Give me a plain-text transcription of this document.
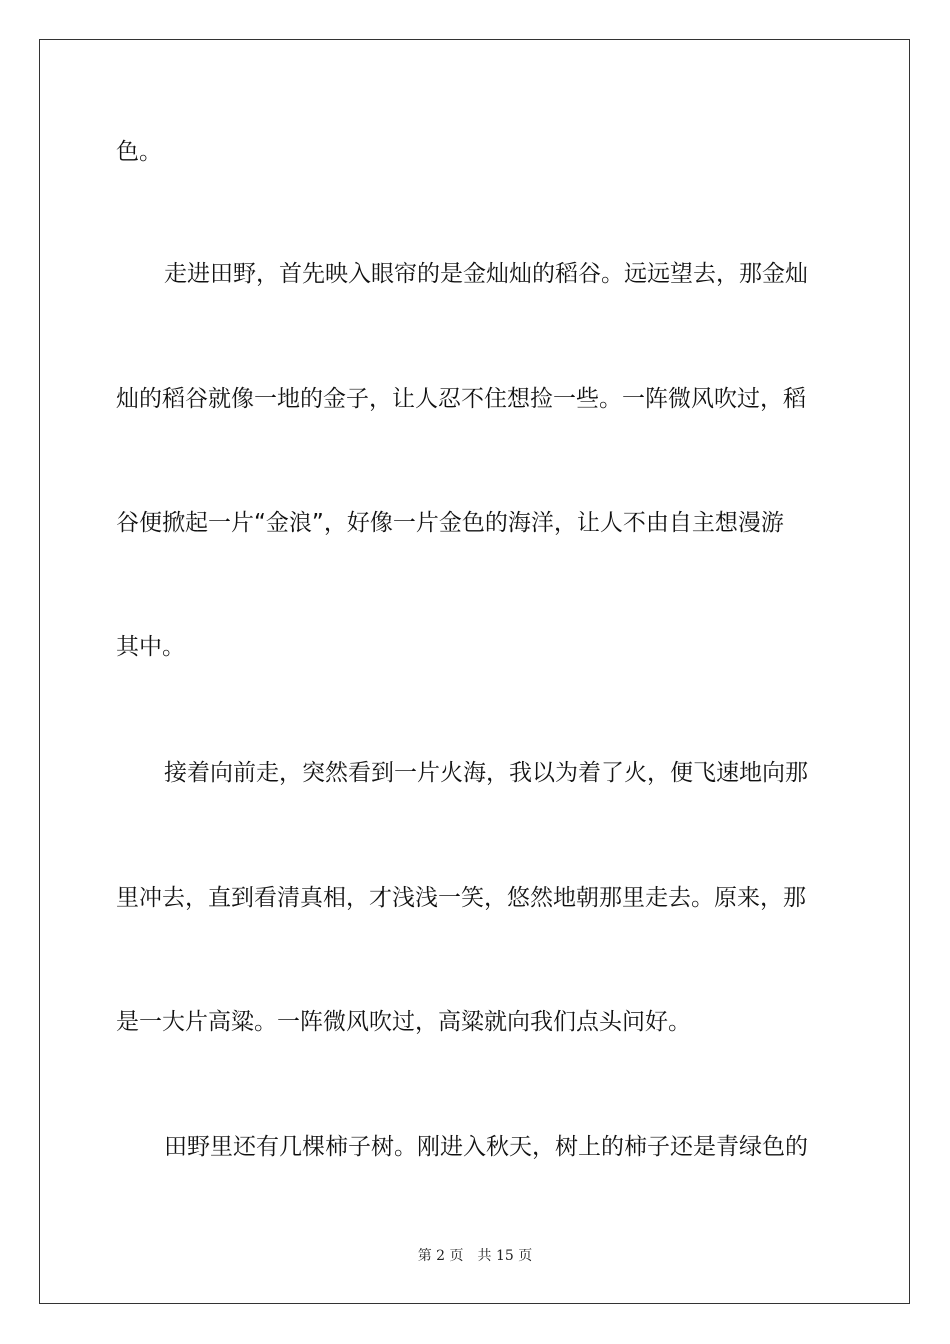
色。
走进田野，首先映入眼帘的是金灿灿的稻谷。远远望去，那金灿
灿的稻谷就像一地的金子，让人忍不住想捡一些。一阵微风吹过，稻
谷便掀起一片“金浪”，好像一片金色的海洋，让人不由自主想漫游
其中。
接着向前走，突然看到一片火海，我以为着了火，便飞速地向那
里冲去，直到看清真相，才浅浅一笑，悠然地朝那里走去。原来，那
是一大片高粱。一阵微风吹过，高粱就向我们点头问好。
田野里还有几棵柿子树。刚进入秋天，树上的柿子还是青绿色的
第 2 页 共 15 页
